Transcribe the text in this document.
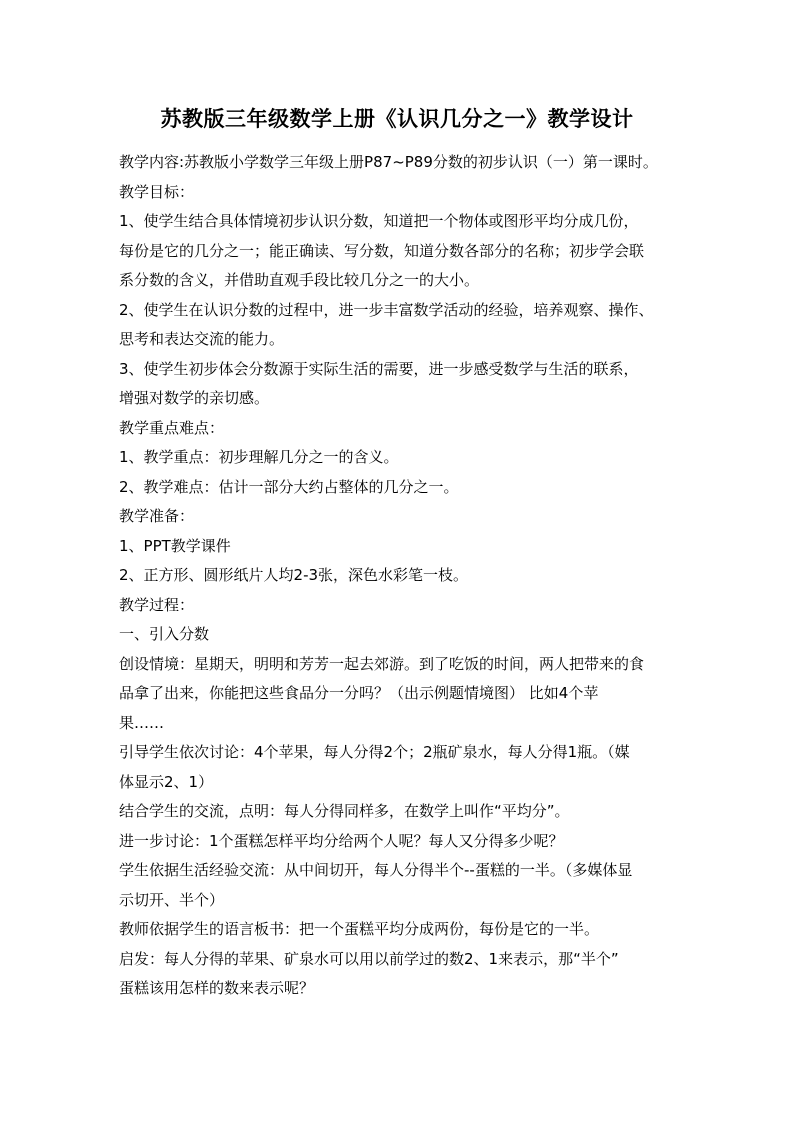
苏教版三年级数学上册《认识几分之一》教学设计

教学内容:苏教版小学数学三年级上册P87~P89分数的初步认识（一）第一课时。

教学目标：

1、使学生结合具体情境初步认识分数，知道把一个物体或图形平均分成几份，

每份是它的几分之一；能正确读、写分数，知道分数各部分的名称；初步学会联

系分数的含义，并借助直观手段比较几分之一的大小。

2、使学生在认识分数的过程中，进一步丰富数学活动的经验，培养观察、操作、

思考和表达交流的能力。

3、使学生初步体会分数源于实际生活的需要，进一步感受数学与生活的联系，

增强对数学的亲切感。

教学重点难点：

1、教学重点：初步理解几分之一的含义。

2、教学难点：估计一部分大约占整体的几分之一。

教学准备：

1、PPT教学课件

2、正方形、圆形纸片人均2-3张，深色水彩笔一枝。

教学过程：

一、引入分数

创设情境：星期天，明明和芳芳一起去郊游。到了吃饭的时间，两人把带来的食

品拿了出来，你能把这些食品分一分吗？（出示例题情境图） 比如4个苹

果……

引导学生依次讨论：4个苹果，每人分得2个；2瓶矿泉水，每人分得1瓶。（媒

体显示2、1）

结合学生的交流，点明：每人分得同样多，在数学上叫作“平均分”。

进一步讨论：1个蛋糕怎样平均分给两个人呢？每人又分得多少呢？

学生依据生活经验交流：从中间切开，每人分得半个--蛋糕的一半。（多媒体显

示切开、半个）

教师依据学生的语言板书：把一个蛋糕平均分成两份，每份是它的一半。

启发：每人分得的苹果、矿泉水可以用以前学过的数2、1来表示，那“半个”

蛋糕该用怎样的数来表示呢？
